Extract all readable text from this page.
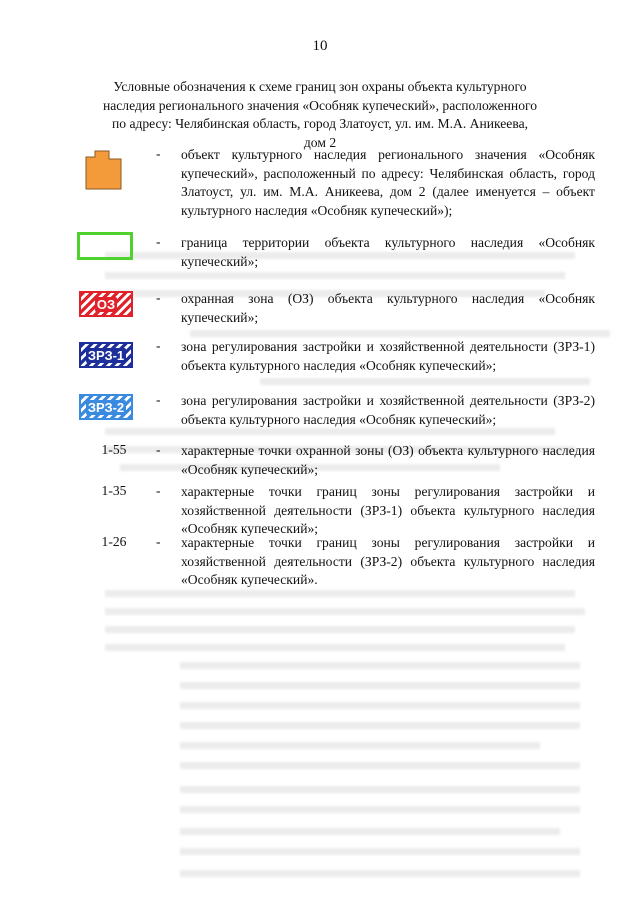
10
Условные обозначения к схеме границ зон охраны объекта культурного наследия регионального значения «Особняк купеческий», расположенного по адресу: Челябинская область, город Златоуст, ул. им. М.А. Аникеева, дом 2
- объект культурного наследия регионального значения «Особняк купеческий», расположенный по адресу: Челябинская область, город Златоуст, ул. им. М.А. Аникеева, дом 2 (далее именуется – объект культурного наследия «Особняк купеческий»);
- граница территории объекта культурного наследия «Особняк купеческий»;
ОЗ	- охранная зона (ОЗ) объекта культурного наследия «Особняк купеческий»;
ЗРЗ-1
- зона регулирования застройки и хозяйственной деятельности (ЗРЗ-1) объекта культурного наследия «Особняк купеческий»;
ЗРЗ-2 - зона регулирования застройки и хозяйственной деятельности (ЗРЗ-2) объекта культурного наследия «Особняк купеческий»;
1-55	- характерные точки охранной зоны (ОЗ) объекта культурного наследия «Особняк купеческий»;
1-35	- характерные точки границ зоны регулирования застройки и хозяйственной деятельности (ЗРЗ-1) объекта культурного наследия «Особняк купеческий»;
1-26	- характерные точки границ зоны регулирования застройки и хозяйственной деятельности (ЗРЗ-2) объекта культурного наследия «Особняк купеческий».
